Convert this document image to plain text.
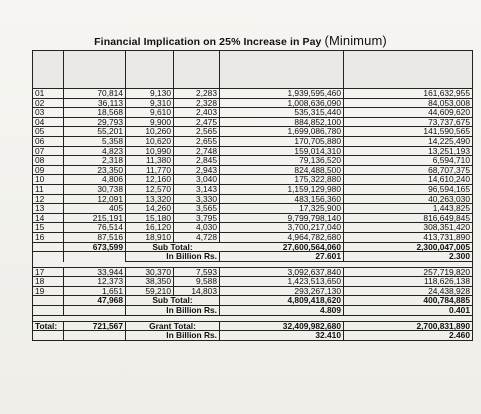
Financial Implication on 25% Increase in Pay (Minimum)

01	70,814	9,130	2,283	1,939,595,460	161,632,955
02	36,113	9,310	2,328	1,008,636,090	84,053,008
03	18,568	9,610	2,403	535,315,440	44,609,620
04	29,793	9,900	2,475	884,852,100	73,737,675
05	55,201	10,260	2,565	1,699,086,780	141,590,565
06	5,358	10,620	2,655	170,705,880	14,225,490
07	4,823	10,990	2,748	159,014,310	13,251,193
08	2,318	11,380	2,845	79,136,520	6,594,710
09	23,350	11,770	2,943	824,488,500	68,707,375
10	4,806	12,160	3,040	175,322,880	14,610,240
11	30,738	12,570	3,143	1,159,129,980	96,594,165
12	12,091	13,320	3,330	483,156,360	40,263,030
13	405	14,260	3,565	17,325,900	1,443,825
14	215,191	15,180	3,795	9,799,798,140	816,649,845
15	76,514	16,120	4,030	3,700,217,040	308,351,420
16	87,516	18,910	4,728	4,964,782,680	413,731,890
	673,599	Sub Total:		27,600,564,060	2,300,047,005
		In Billion Rs.		27.601	2.300

17	33,944	30,370	7,593	3,092,637,840	257,719,820
18	12,373	38,350	9,588	1,423,513,650	118,626,138
19	1,651	59,210	14,803	293,267,130	24,438,928
	47,968	Sub Total:		4,809,418,620	400,784,885
		In Billion Rs.		4.809	0.401

Total:	721,567	Grant Total:		32,409,982,680	2,700,831,890
		In Billion Rs.		32.410	2.460
